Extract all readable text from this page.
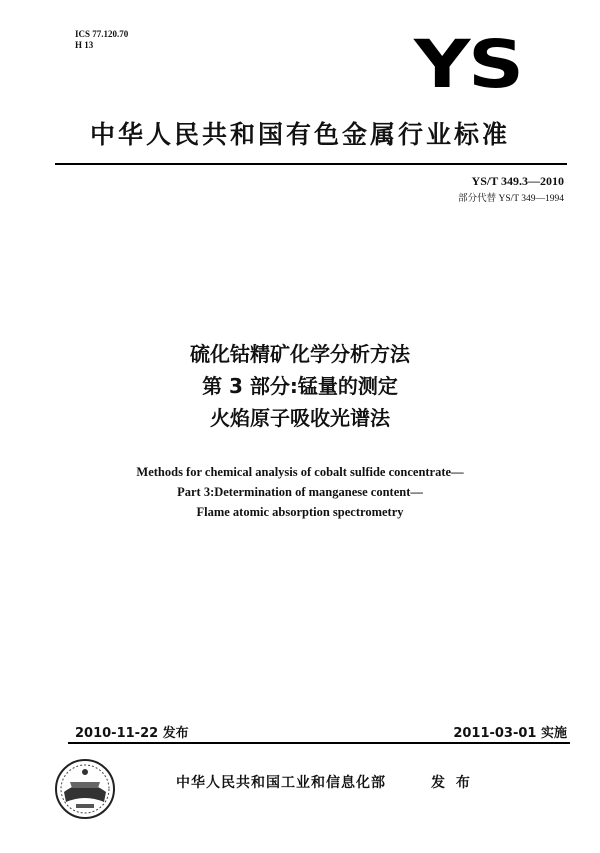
ICS 77.120.70
H 13	YS
中华人民共和国有色金属行业标准
YS/T 349.3—2010
部分代替 YS/T 349—1994
硫化钴精矿化学分析方法
第 3 部分:锰量的测定
火焰原子吸收光谱法
Methods for chemical analysis of cobalt sulfide concentrate—
Part 3:Determination of manganese content—
Flame atomic absorption spectrometry
2010-11-22 发布	2011-03-01 实施
中华人民共和国工业和信息化部	发 布
